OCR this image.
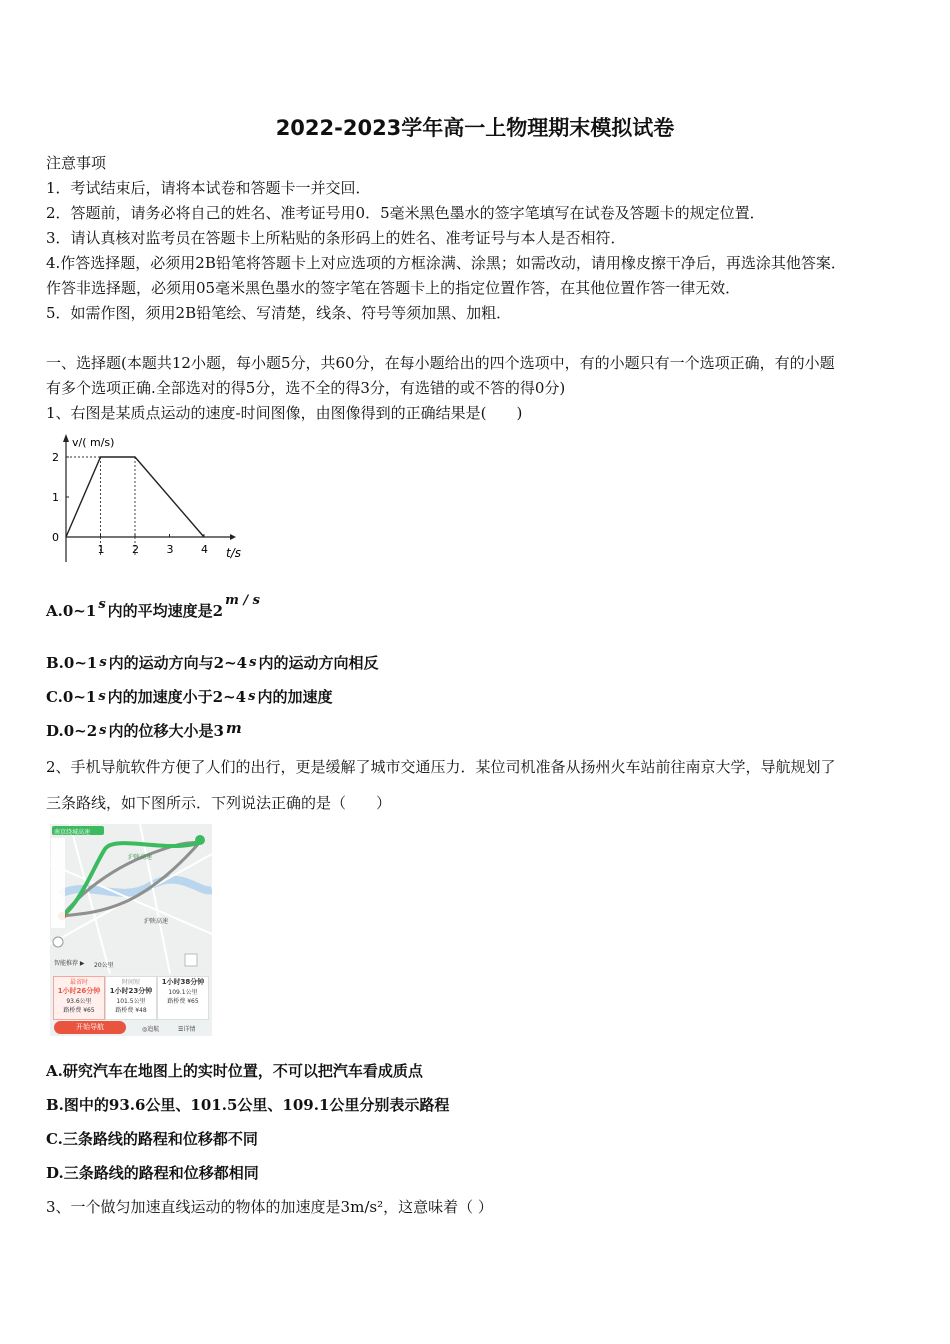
2022-2023学年高一上物理期末模拟试卷
注意事项
1．考试结束后，请将本试卷和答题卡一并交回．
2．答题前，请务必将自己的姓名、准考证号用0．5毫米黑色墨水的签字笔填写在试卷及答题卡的规定位置．
3．请认真核对监考员在答题卡上所粘贴的条形码上的姓名、准考证号与本人是否相符．
4.作答选择题，必须用2B铅笔将答题卡上对应选项的方框涂满、涂黑；如需改动，请用橡皮擦干净后，再选涂其他答案．
作答非选择题，必须用05毫米黑色墨水的签字笔在答题卡上的指定位置作答，在其他位置作答一律无效．
5．如需作图，须用2B铅笔绘、写清楚，线条、符号等须加黑、加粗．
一、选择题(本题共12小题，每小题5分，共60分，在每小题给出的四个选项中，有的小题只有一个选项正确，有的小题
有多个选项正确.全部选对的得5分，选不全的得3分，有选错的或不答的得0分)
1、右图是某质点运动的速度-时间图像，由图像得到的正确结果是(　　)
v/( m/s)
t/s
0
1	2	3	4
2
1
A.0~1 s 内的平均速度是2m / s
B.0~1 s 内的运动方向与2~4 s 内的运动方向相反
C.0~1 s 内的加速度小于2~4 s 内的加速度
D.0~2 s 内的位移大小是3 m
2、手机导航软件方便了人们的出行，更是缓解了城市交通压力．某位司机准备从扬州火车站前往南京大学，导航规划了
三条路线，如下图所示．下列说法正确的是（　　）
南京绕城高速
沪陕高速
沪陕高速
智能推荐 ▶ 20公里
最省时
1小时26分钟
93.6公里
路桥费 ¥65
时间短
1小时23分钟
101.5公里
路桥费 ¥48
1小时38分钟
109.1公里
路桥费 ¥65
开始导航	◎追航	☰详情
A.研究汽车在地图上的实时位置，不可以把汽车看成质点
B.图中的93.6公里、101.5公里、109.1公里分别表示路程
C.三条路线的路程和位移都不同
D.三条路线的路程和位移都相同
3、一个做匀加速直线运动的物体的加速度是3m/s²，这意味着（ ）
